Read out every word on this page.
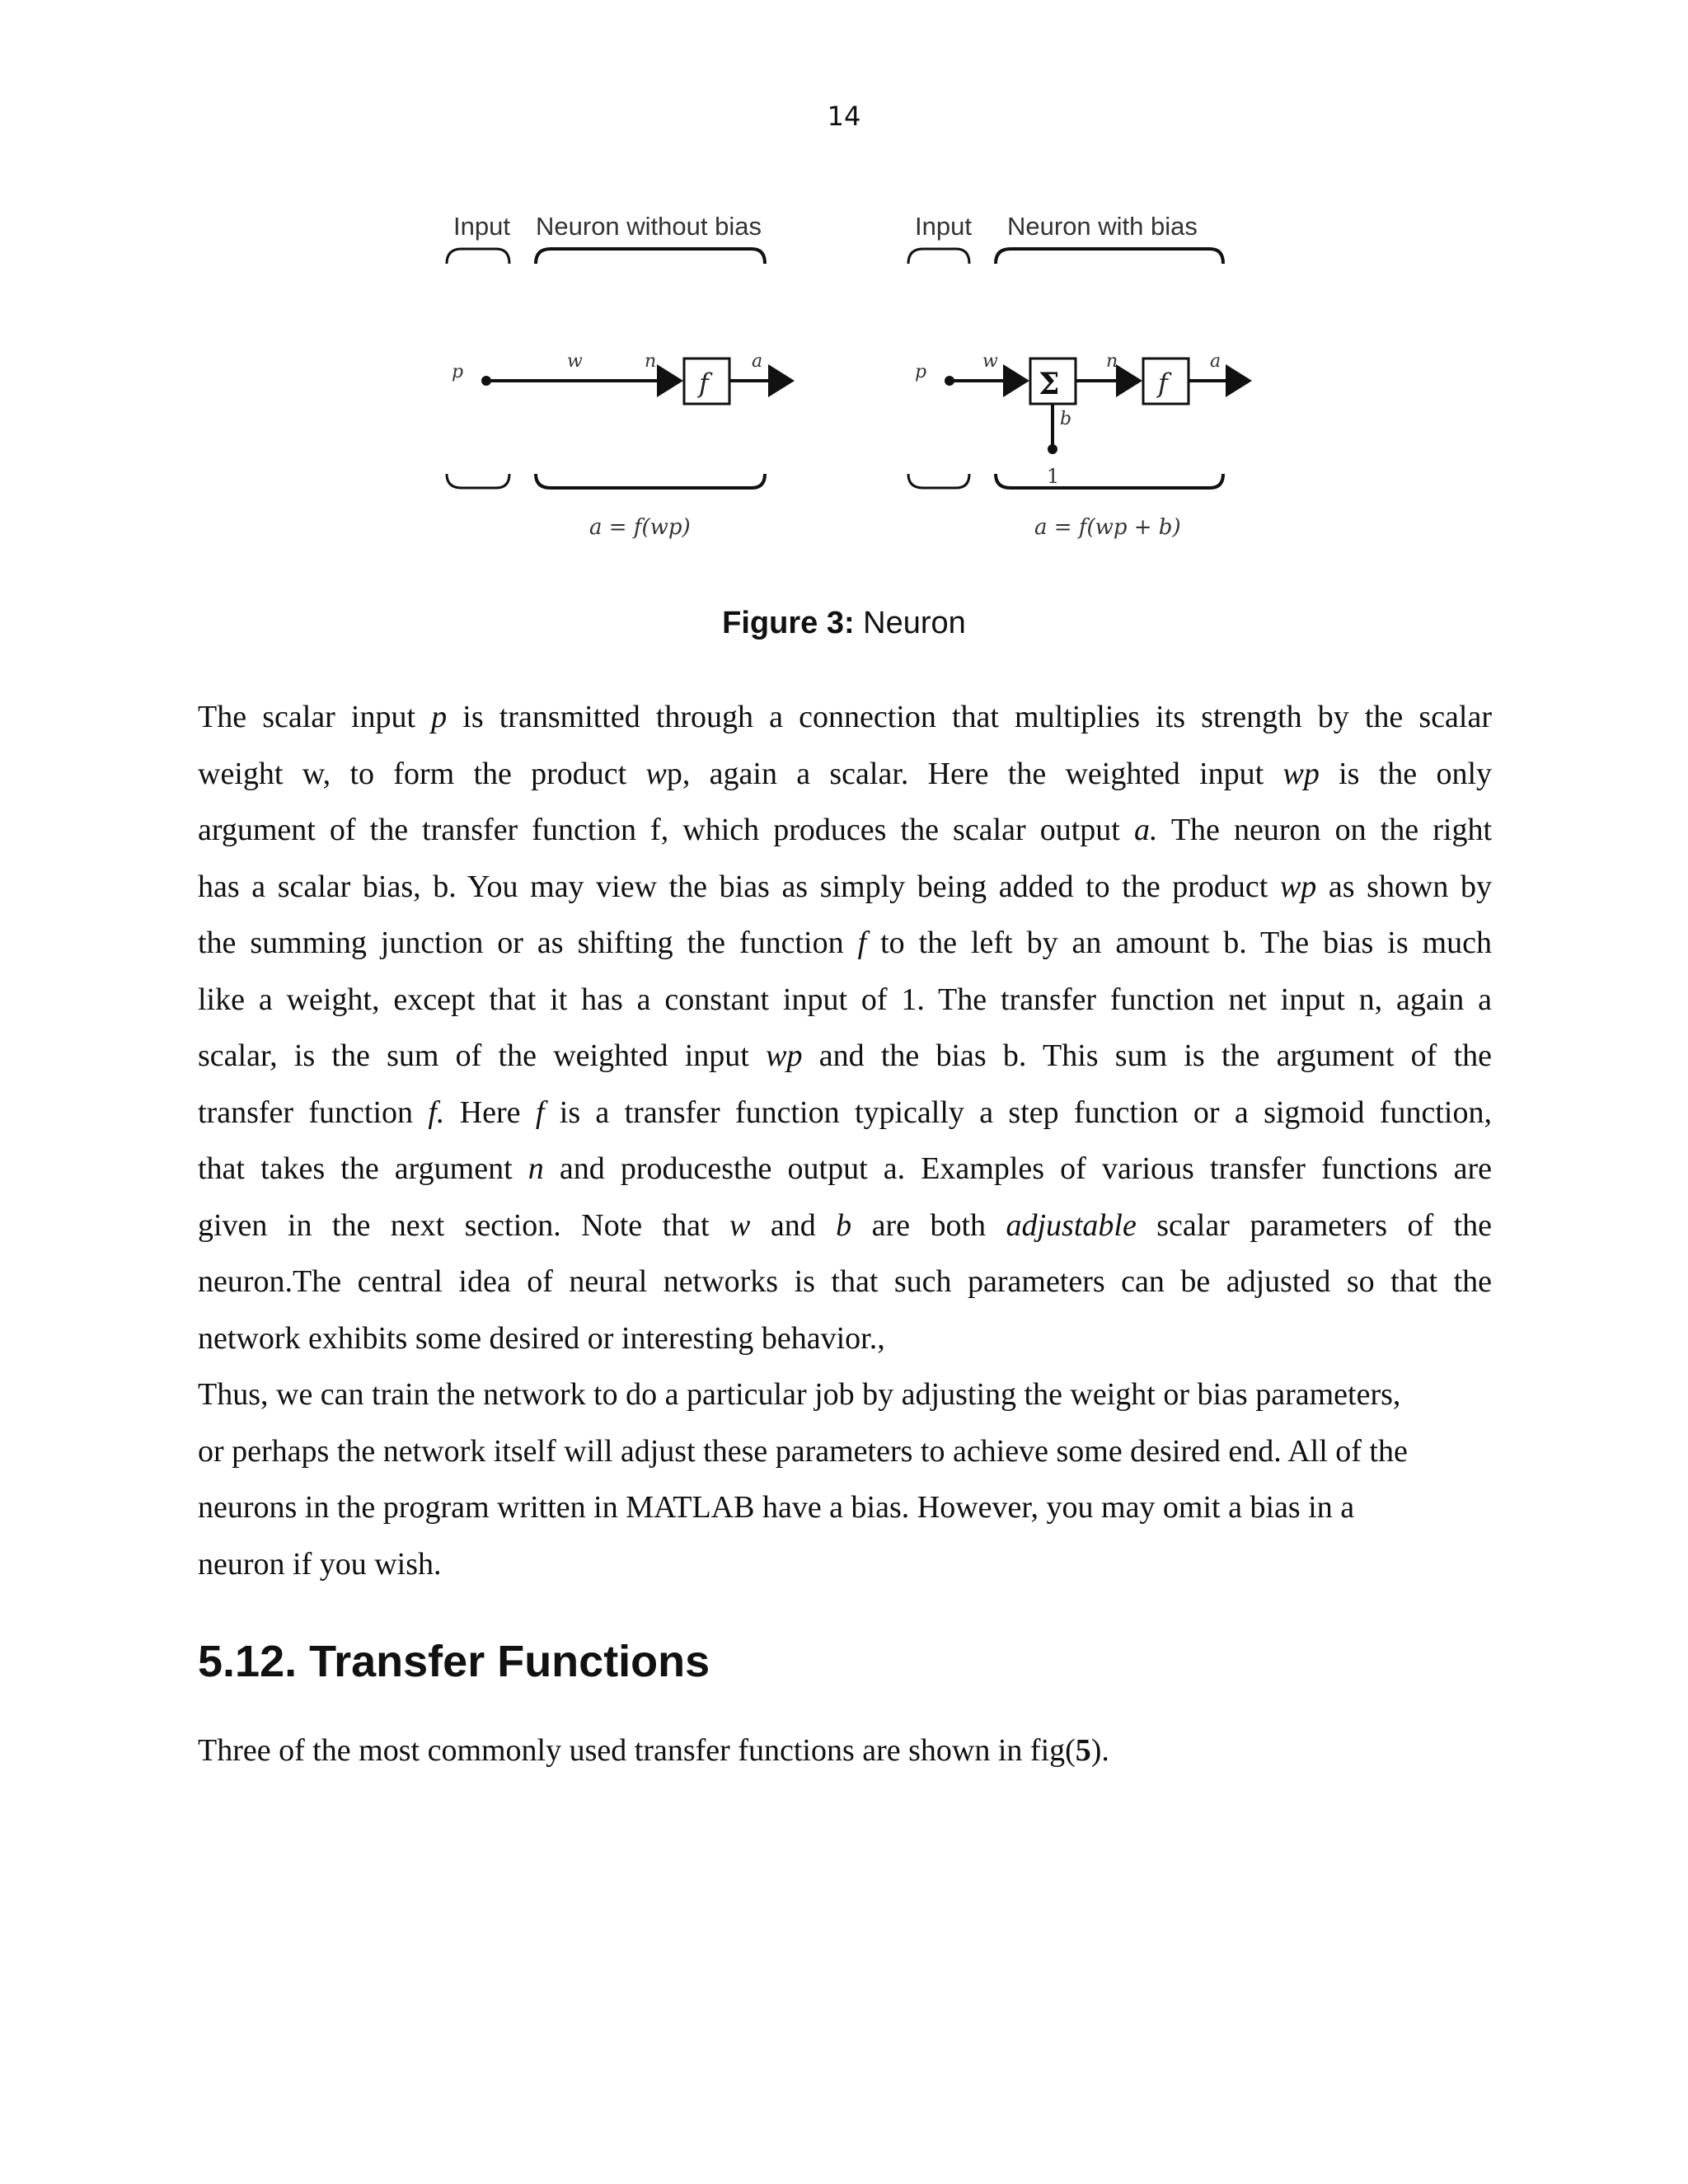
14
Input Neuron without bias
p
w	n
f
a
a = f(wp)
Input Neuron with bias
p
w
Σ
n
f
a
b
1
a = f(wp + b)
Figure 3: Neuron
The scalar input p is transmitted through a connection that multiplies its strength by the scalar
weight w, to form the product wp, again a scalar. Here the weighted input wp is the only
argument of the transfer function f, which produces the scalar output a. The neuron on the right
has a scalar bias, b. You may view the bias as simply being added to the product wp as shown by
the summing junction or as shifting the function f to the left by an amount b. The bias is much
like a weight, except that it has a constant input of 1. The transfer function net input n, again a
scalar, is the sum of the weighted input wp and the bias b. This sum is the argument of the
transfer function f. Here f is a transfer function typically a step function or a sigmoid function,
that takes the argument n and producesthe output a. Examples of various transfer functions are
given in the next section. Note that w and b are both adjustable scalar parameters of the
neuron.The central idea of neural networks is that such parameters can be adjusted so that the
network exhibits some desired or interesting behavior.,
Thus, we can train the network to do a particular job by adjusting the weight or bias parameters,
or perhaps the network itself will adjust these parameters to achieve some desired end. All of the
neurons in the program written in MATLAB have a bias. However, you may omit a bias in a
neuron if you wish.
5.12. Transfer Functions
Three of the most commonly used transfer functions are shown in fig(5).
